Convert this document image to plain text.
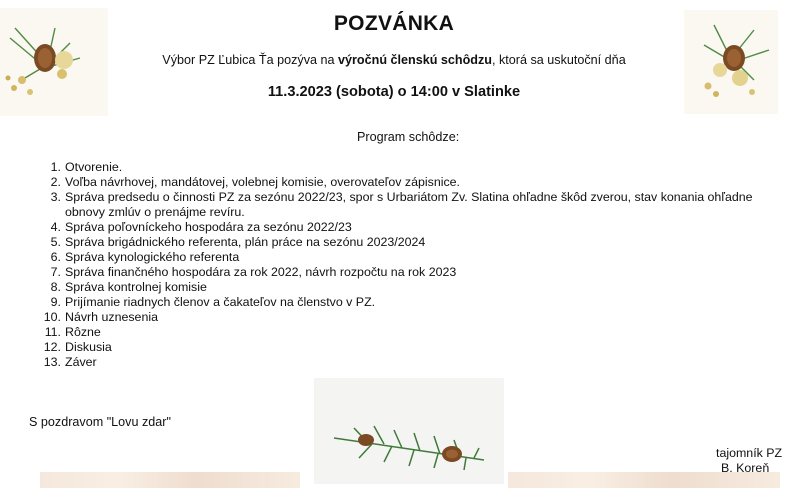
POZVÁNKA
Výbor PZ Ľubica Ťa pozýva na výročnú členskú schôdzu, ktorá sa uskutoční dňa
11.3.2023 (sobota) o 14:00 v Slatinke
Program schôdze:
1. Otvorenie.
2. Voľba návrhovej, mandátovej, volebnej komisie, overovateľov zápisnice.
3. Správa predsedu o činnosti PZ za sezónu 2022/23, spor s Urbariátom Zv. Slatina ohľadne škôd zverou, stav konania ohľadne obnovy zmlúv o prenájme revíru.
4. Správa poľovníckeho hospodára za sezónu 2022/23
5. Správa brigádnického referenta, plán práce na sezónu 2023/2024
6. Správa kynologického referenta
7. Správa finančného hospodára za rok 2022, návrh rozpočtu na rok 2023
8. Správa kontrolnej komisie
9. Prijímanie riadnych členov a čakateľov na členstvo v PZ.
10. Návrh uznesenia
11. Rôzne
12. Diskusia
13. Záver
S pozdravom "Lovu zdar"
tajomník PZ
B. Koreň
